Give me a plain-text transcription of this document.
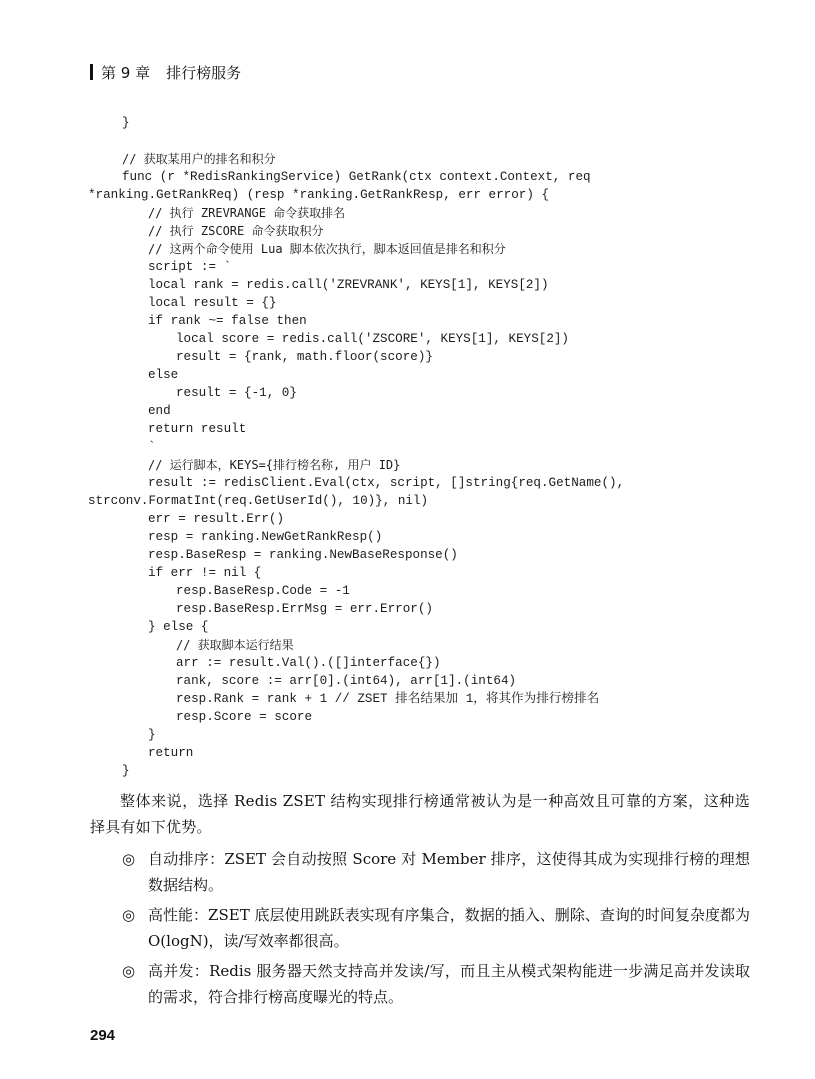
第 9 章 排行榜服务
}
// 获取某用户的排名和积分
func (r *RedisRankingService) GetRank(ctx context.Context, req
*ranking.GetRankReq) (resp *ranking.GetRankResp, err error) {
// 执行 ZREVRANGE 命令获取排名
// 执行 ZSCORE 命令获取积分
// 这两个命令使用 Lua 脚本依次执行，脚本返回值是排名和积分
script := `
local rank = redis.call('ZREVRANK', KEYS[1], KEYS[2])
local result = {}
if rank ~= false then
local score = redis.call('ZSCORE', KEYS[1], KEYS[2])
result = {rank, math.floor(score)}
else
result = {-1, 0}
end
return result
`
// 运行脚本，KEYS={排行榜名称, 用户 ID}
result := redisClient.Eval(ctx, script, []string{req.GetName(),
strconv.FormatInt(req.GetUserId(), 10)}, nil)
err = result.Err()
resp = ranking.NewGetRankResp()
resp.BaseResp = ranking.NewBaseResponse()
if err != nil {
resp.BaseResp.Code = -1
resp.BaseResp.ErrMsg = err.Error()
} else {
// 获取脚本运行结果
arr := result.Val().([]interface{})
rank, score := arr[0].(int64), arr[1].(int64)
resp.Rank = rank + 1 // ZSET 排名结果加 1，将其作为排行榜排名
resp.Score = score
}
return
}

整体来说，选择 Redis ZSET 结构实现排行榜通常被认为是一种高效且可靠的方案，这种选择具有如下优势。

◎ 自动排序：ZSET 会自动按照 Score 对 Member 排序，这使得其成为实现排行榜的理想数据结构。
◎ 高性能：ZSET 底层使用跳跃表实现有序集合，数据的插入、删除、查询的时间复杂度都为 O(logN)，读/写效率都很高。
◎ 高并发：Redis 服务器天然支持高并发读/写，而且主从模式架构能进一步满足高并发读取的需求，符合排行榜高度曝光的特点。
294
